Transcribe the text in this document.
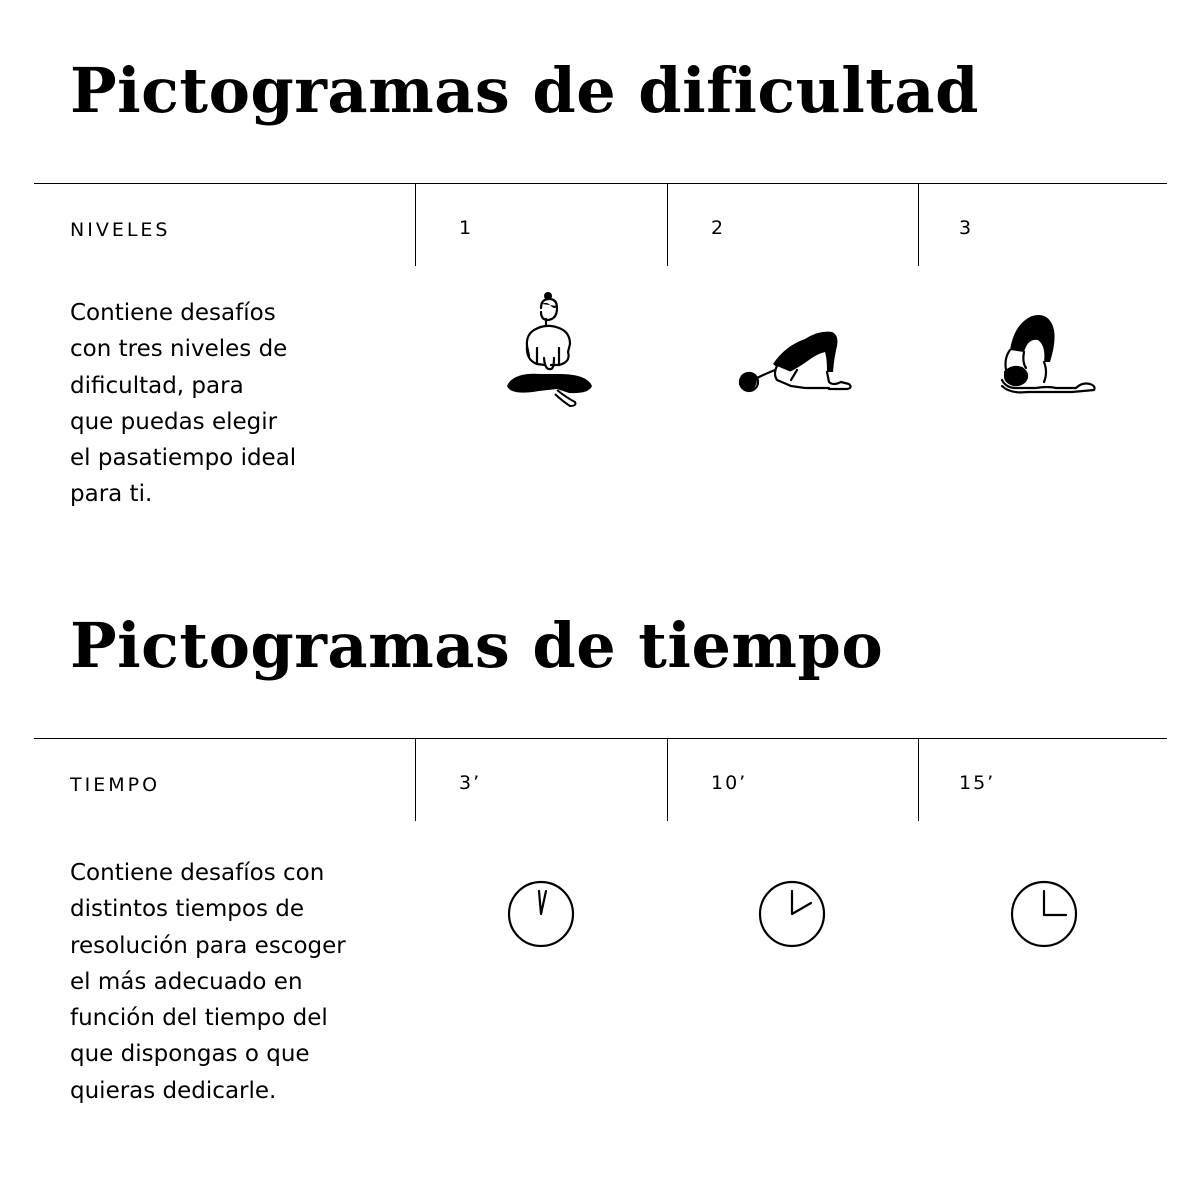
Pictogramas de dificultad
NIVELES	1	2	3

Contiene desafíos
con tres niveles de
dificultad, para
que puedas elegir
el pasatiempo ideal
para ti.

Pictogramas de tiempo
TIEMPO	3’	10’	15’

Contiene desafíos con
distintos tiempos de
resolución para escoger
el más adecuado en
función del tiempo del
que dispongas o que
quieras dedicarle.
